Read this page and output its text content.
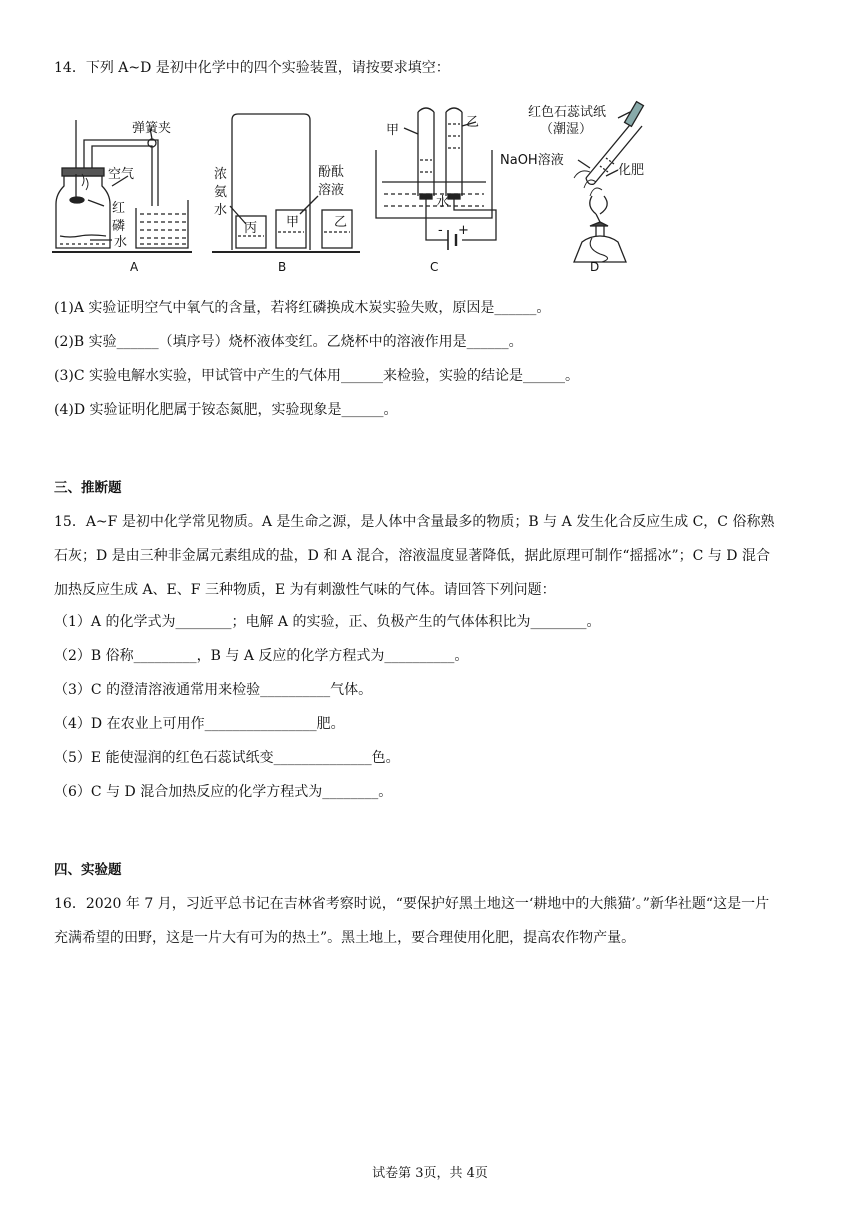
14．下列 A~D 是初中化学中的四个实验装置，请按要求填空：
弹簧夹
空气
红
磷
水
A
浓
氨
水
丙 甲	乙
酚酞
溶液
B
甲
乙
水
- +
C
红色石蕊试纸
（潮湿）
NaOH溶液
化肥
D
(1)A 实验证明空气中氧气的含量，若将红磷换成木炭实验失败，原因是______。
(2)B 实验______（填序号）烧杯液体变红。乙烧杯中的溶液作用是______。
(3)C 实验电解水实验，甲试管中产生的气体用______来检验，实验的结论是______。
(4)D 实验证明化肥属于铵态氮肥，实验现象是______。
三、推断题
15．A~F 是初中化学常见物质。A 是生命之源，是人体中含量最多的物质；B 与 A 发生化合反应生成 C，C 俗称熟
石灰；D 是由三种非金属元素组成的盐，D 和 A 混合，溶液温度显著降低，据此原理可制作“摇摇冰”；C 与 D 混合
加热反应生成 A、E、F 三种物质，E 为有刺激性气味的气体。请回答下列问题：
（1）A 的化学式为________；电解 A 的实验，正、负极产生的气体体积比为________。
（2）B 俗称_________，B 与 A 反应的化学方程式为__________。
（3）C 的澄清溶液通常用来检验__________气体。
（4）D 在农业上可用作________________肥。
（5）E 能使湿润的红色石蕊试纸变______________色。
（6）C 与 D 混合加热反应的化学方程式为________。
四、实验题
16．2020 年 7 月，习近平总书记在吉林省考察时说，“要保护好黑土地这一‘耕地中的大熊猫’。”新华社题“这是一片
充满希望的田野，这是一片大有可为的热土”。黑土地上，要合理使用化肥，提高农作物产量。
试卷第 3页，共 4页
